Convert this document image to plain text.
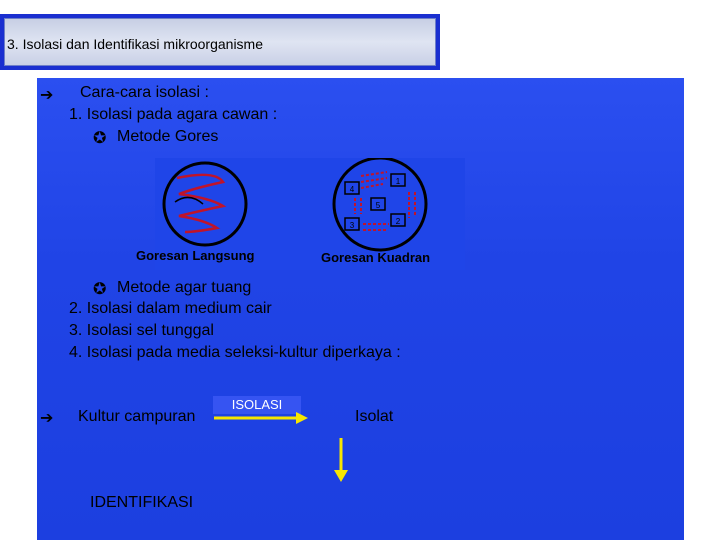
3. Isolasi dan Identifikasi mikroorganisme
➔ Cara-cara isolasi :
1. Isolasi pada agara cawan :
✪ Metode Gores
1
2
3
4
5
Goresan Langsung	Goresan Kuadran
✪ Metode agar tuang
2. Isolasi dalam medium cair
3. Isolasi sel tunggal
4. Isolasi pada media seleksi-kultur diperkaya :
➔ Kultur campuran
ISOLASI
Isolat
IDENTIFIKASI
